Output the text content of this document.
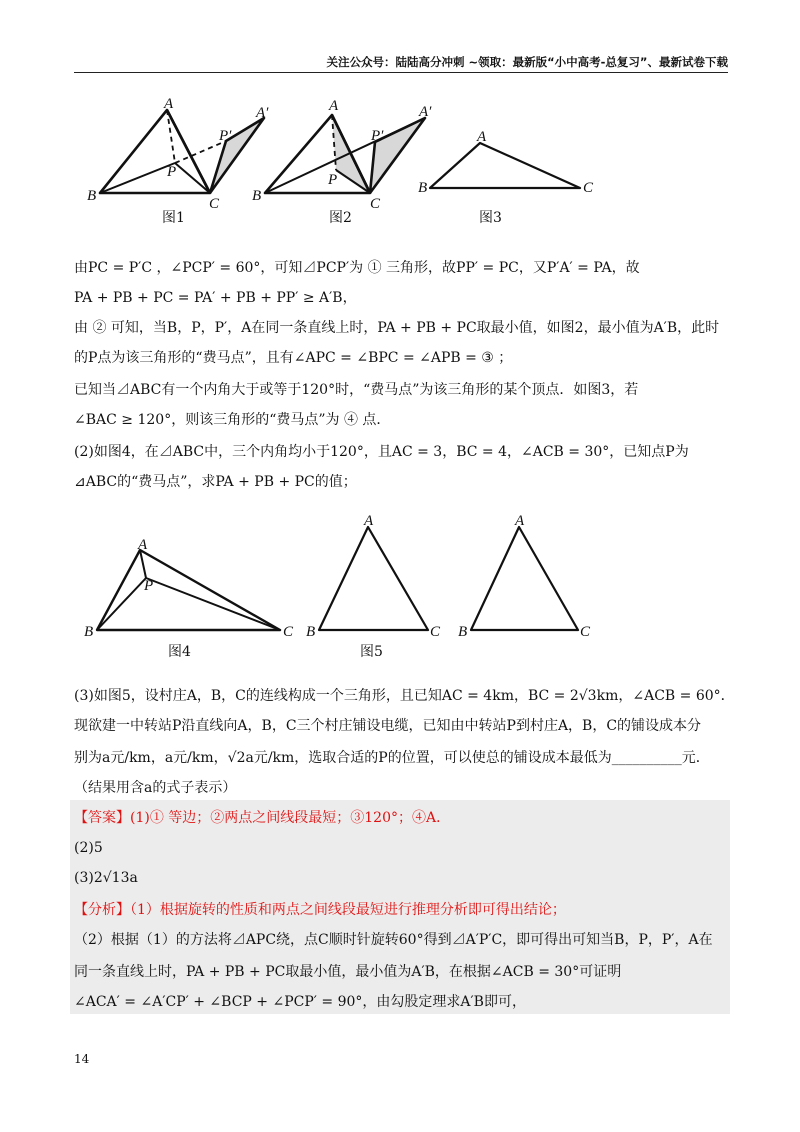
关注公众号：陆陆高分冲刺 ~领取：最新版“小中高考-总复习”、最新试卷下载
A
A′
B	C
P
P′
A	A′
B	C
P
P′	A
B	C
A
P
B	C
A
B	C
A
B	C
图1	图2	图3
图4	图5
由PC = P′C ，∠PCP′ = 60°，可知⊿PCP′为 ① 三角形，故PP′ = PC，又P′A′ = PA，故
PA + PB + PC = PA′ + PB + PP′ ≥ A′B，
由 ② 可知，当B，P，P′，A在同一条直线上时，PA + PB + PC取最小值，如图2，最小值为A′B，此时
的P点为该三角形的“费马点”，且有∠APC = ∠BPC = ∠APB = ③ ；
已知当⊿ABC有一个内角大于或等于120°时，“费马点”为该三角形的某个顶点．如图3，若
∠BAC ≥ 120°，则该三角形的“费马点”为 ④ 点．
(2)如图4，在⊿ABC中，三个内角均小于120°，且AC = 3，BC = 4，∠ACB = 30°，已知点P为
⊿ABC的“费马点”，求PA + PB + PC的值；
(3)如图5，设村庄A，B，C的连线构成一个三角形，且已知AC = 4km，BC = 2√3km，∠ACB = 60°．
现欲建一中转站P沿直线向A，B，C三个村庄铺设电缆，已知由中转站P到村庄A，B，C的铺设成本分
别为a元/km，a元/km，√2a元/km，选取合适的P的位置，可以使总的铺设成本最低为__________元．
（结果用含a的式子表示）
【答案】(1)① 等边；②两点之间线段最短；③120°；④A．
(2)5
(3)2√13a
【分析】（1）根据旋转的性质和两点之间线段最短进行推理分析即可得出结论；
（2）根据（1）的方法将⊿APC绕，点C顺时针旋转60°得到⊿A′P′C，即可得出可知当B，P，P′，A在
同一条直线上时，PA + PB + PC取最小值，最小值为A′B，在根据∠ACB = 30°可证明
∠ACA′ = ∠A′CP′ + ∠BCP + ∠PCP′ = 90°，由勾股定理求A′B即可，
14
